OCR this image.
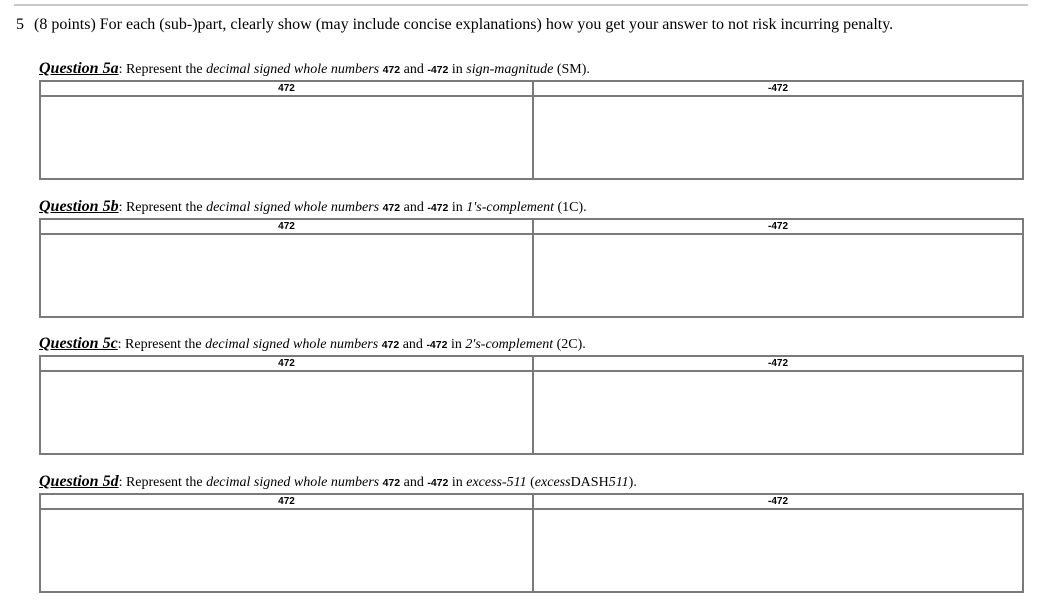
5 (8 points) For each (sub-)part, clearly show (may include concise explanations) how you get your answer to not risk incurring penalty.
Question 5a: Represent the decimal signed whole numbers 472 and -472 in sign-magnitude (SM).
472	-472
Question 5b: Represent the decimal signed whole numbers 472 and -472 in 1's-complement (1C).
472	-472
Question 5c: Represent the decimal signed whole numbers 472 and -472 in 2's-complement (2C).
472	-472
Question 5d: Represent the decimal signed whole numbers 472 and -472 in excess-511 (excessDASH511).
472	-472
